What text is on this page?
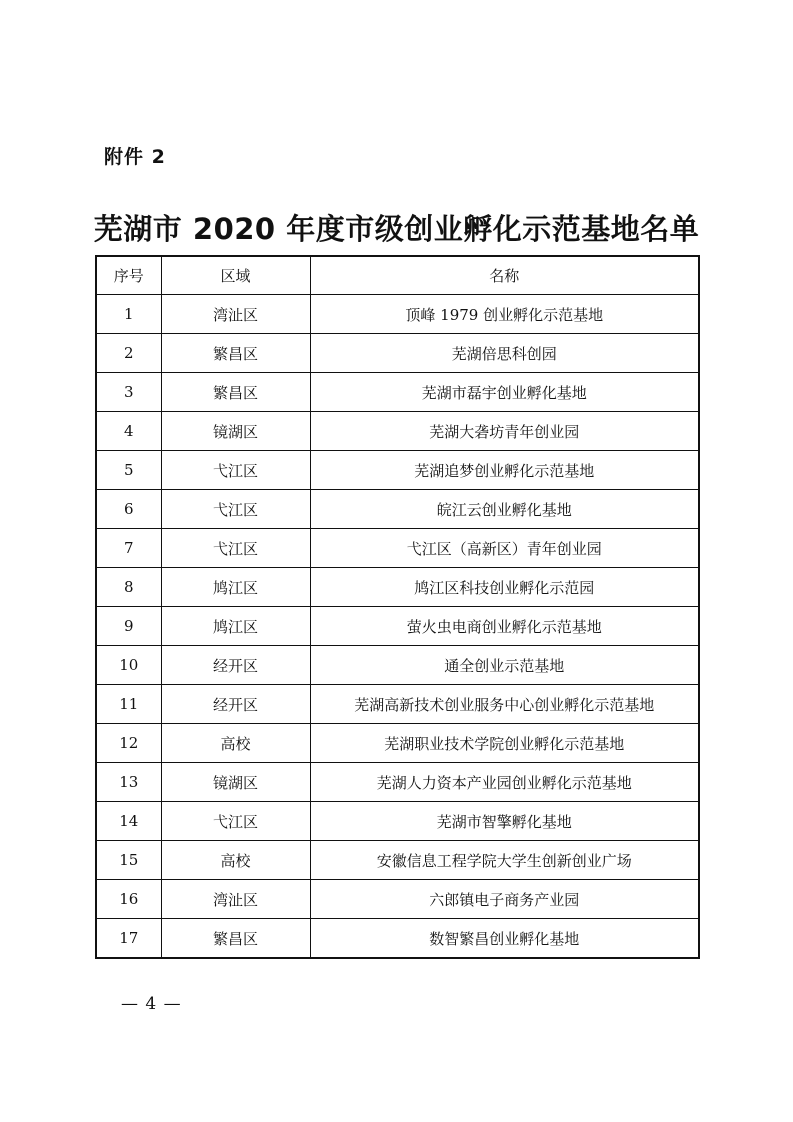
附件 2
芜湖市 2020 年度市级创业孵化示范基地名单
序号	区域	名称
1	湾沚区	顶峰 1979 创业孵化示范基地
2	繁昌区	芜湖倍思科创园
3	繁昌区	芜湖市磊宇创业孵化基地
4	镜湖区	芜湖大砻坊青年创业园
5	弋江区	芜湖追梦创业孵化示范基地
6	弋江区	皖江云创业孵化基地
7	弋江区	弋江区（高新区）青年创业园
8	鸠江区	鸠江区科技创业孵化示范园
9	鸠江区	萤火虫电商创业孵化示范基地
10	经开区	通全创业示范基地
11	经开区	芜湖高新技术创业服务中心创业孵化示范基地
12	高校	芜湖职业技术学院创业孵化示范基地
13	镜湖区	芜湖人力资本产业园创业孵化示范基地
14	弋江区	芜湖市智擎孵化基地
15	高校	安徽信息工程学院大学生创新创业广场
16	湾沚区	六郎镇电子商务产业园
17	繁昌区	数智繁昌创业孵化基地
— 4 —
